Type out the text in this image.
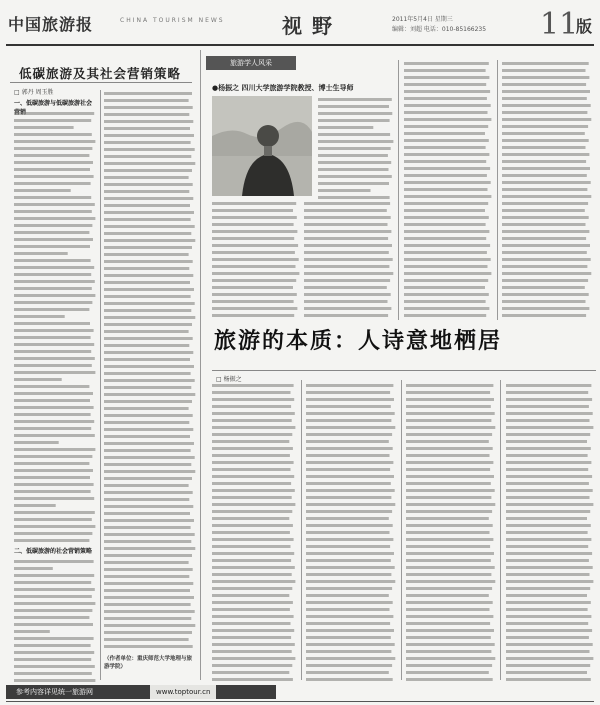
中国旅游报	CHINA TOURISM NEWS	视野	2011年5月4日 星期三
编辑：刘超 电话：010-85166235 11
版
低碳旅游及其社会营销策略
□ 郭丹 周玉胜
一、低碳旅游与低碳旅游社会
二、低碳旅游的社会营销策略
（作者单位：重庆师范大学地理与旅游学院）
旅游学人风采
●杨振之 四川大学旅游学院教授、博士生导师
旅游的本质：人诗意地栖居
□ 杨振之
参考内容详见统一旅游网	www.toptour.cn
